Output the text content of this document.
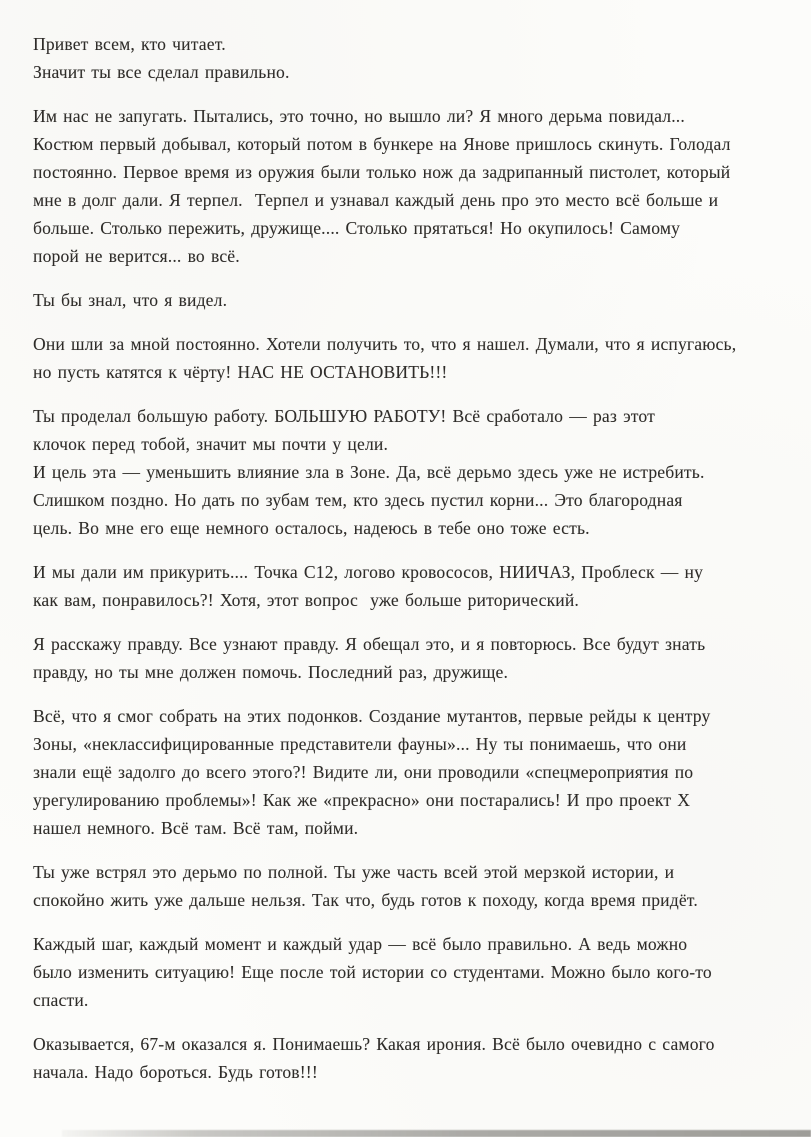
Привет всем, кто читает.
Значит ты все сделал правильно.
Им нас не запугать. Пытались, это точно, но вышло ли? Я много дерьма повидал...
Костюм первый добывал, который потом в бункере на Янове пришлось скинуть. Голодал
постоянно. Первое время из оружия были только нож да задрипанный пистолет, который
мне в долг дали. Я терпел.  Терпел и узнавал каждый день про это место всё больше и
больше. Столько пережить, дружище.... Столько прятаться! Но окупилось! Самому
порой не верится... во всё.
Ты бы знал, что я видел.
Они шли за мной постоянно. Хотели получить то, что я нашел. Думали, что я испугаюсь,
но пусть катятся к чёрту! НАС НЕ ОСТАНОВИТЬ!!!
Ты проделал большую работу. БОЛЬШУЮ РАБОТУ! Всё сработало — раз этот
клочок перед тобой, значит мы почти у цели.
И цель эта — уменьшить влияние зла в Зоне. Да, всё дерьмо здесь уже не истребить.
Слишком поздно. Но дать по зубам тем, кто здесь пустил корни... Это благородная
цель. Во мне его еще немного осталось, надеюсь в тебе оно тоже есть.
И мы дали им прикурить.... Точка С12, логово кровососов, НИИЧАЗ, Проблеск — ну
как вам, понравилось?! Хотя, этот вопрос  уже больше риторический.
Я расскажу правду. Все узнают правду. Я обещал это, и я повторюсь. Все будут знать
правду, но ты мне должен помочь. Последний раз, дружище.
Всё, что я смог собрать на этих подонков. Создание мутантов, первые рейды к центру
Зоны, «неклассифицированные представители фауны»... Ну ты понимаешь, что они
знали ещё задолго до всего этого?! Видите ли, они проводили «спецмероприятия по
урегулированию проблемы»! Как же «прекрасно» они постарались! И про проект Х
нашел немного. Всё там. Всё там, пойми.
Ты уже встрял это дерьмо по полной. Ты уже часть всей этой мерзкой истории, и
спокойно жить уже дальше нельзя. Так что, будь готов к походу, когда время придёт.
Каждый шаг, каждый момент и каждый удар — всё было правильно. А ведь можно
было изменить ситуацию! Еще после той истории со студентами. Можно было кого-то
спасти.
Оказывается, 67-м оказался я. Понимаешь? Какая ирония. Всё было очевидно с самого
начала. Надо бороться. Будь готов!!!
